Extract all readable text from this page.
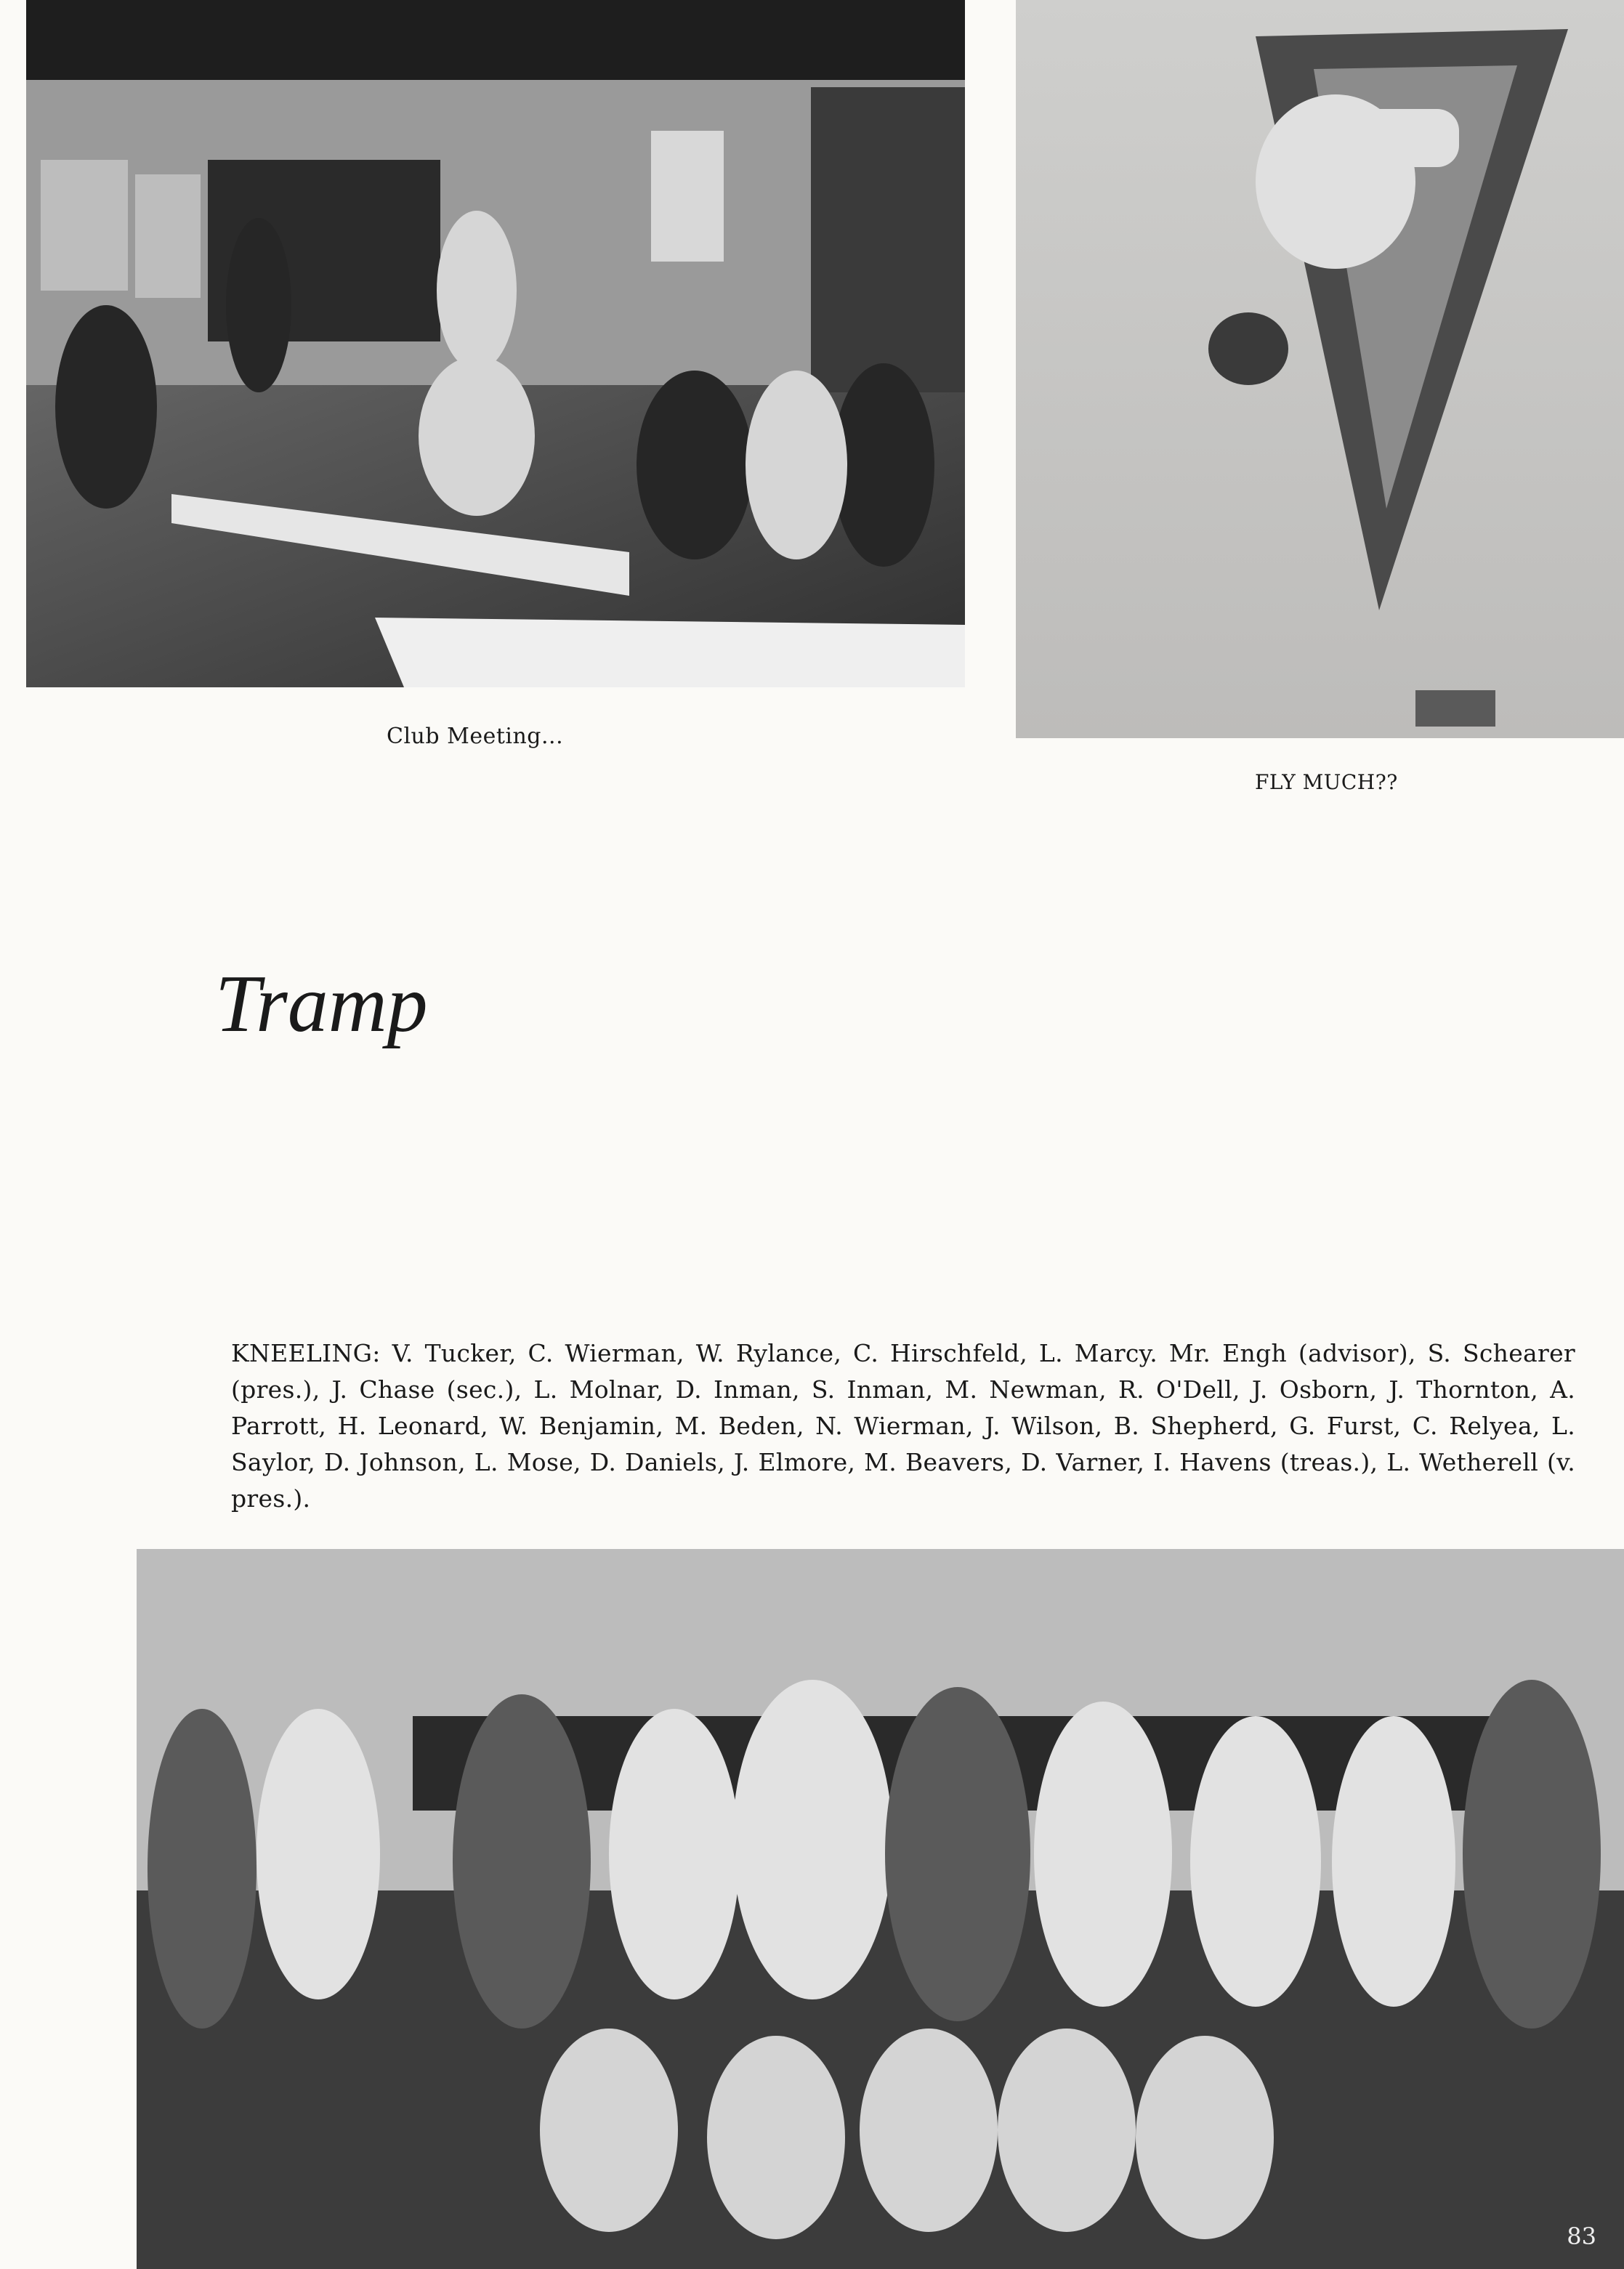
Club Meeting...
FLY MUCH??
Tramp

KNEELING: V. Tucker, C. Wierman, W. Rylance, C. Hirschfeld, L. Marcy. Mr. Engh (advisor), S. Schearer (pres.), J. Chase (sec.), L. Molnar, D. Inman, S. Inman, M. Newman, R. O'Dell, J. Osborn, J. Thornton, A. Parrott, H. Leonard, W. Benjamin, M. Beden, N. Wierman, J. Wilson, B. Shepherd, G. Furst, C. Relyea, L. Saylor, D. Johnson, L. Mose, D. Daniels, J. Elmore, M. Beavers, D. Varner, I. Havens (treas.), L. Wetherell (v. pres.).

83
